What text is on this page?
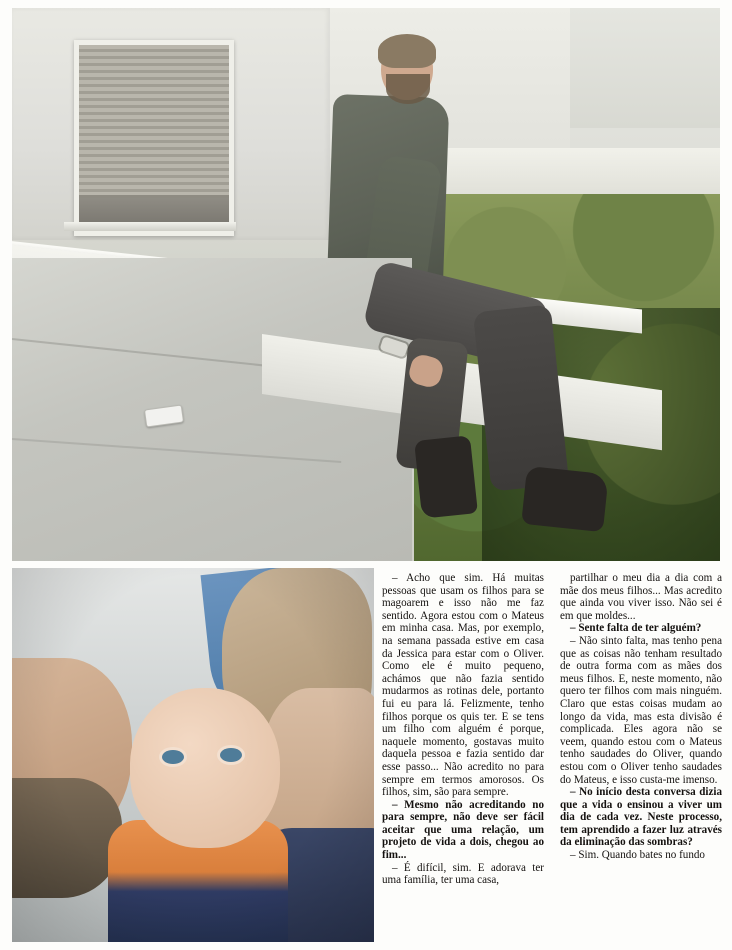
– Acho que sim. Há muitas pessoas que usam os filhos para se magoarem e isso não me faz sentido. Agora estou com o Mateus em minha casa. Mas, por exemplo, na semana passada estive em casa da Jessica para estar com o Oliver. Como ele é muito pequeno, achámos que não fazia sentido mudarmos as rotinas dele, portanto fui eu para lá. Felizmente, tenho filhos porque os quis ter. E se tens um filho com alguém é porque, naquele momento, gostavas muito daquela pessoa e fazia sentido dar esse passo... Não acredito no para sempre em termos amorosos. Os filhos, sim, são para sempre.

– Mesmo não acreditando no para sempre, não deve ser fácil aceitar que uma relação, um projeto de vida a dois, chegou ao fim...

– É difícil, sim. E adorava ter uma família, ter uma casa,

partilhar o meu dia a dia com a mãe dos meus filhos... Mas acredito que ainda vou viver isso. Não sei é em que moldes...

– Sente falta de ter alguém?

– Não sinto falta, mas tenho pena que as coisas não tenham resultado de outra forma com as mães dos meus filhos. E, neste momento, não quero ter filhos com mais ninguém. Claro que estas coisas mudam ao longo da vida, mas esta divisão é complicada. Eles agora não se veem, quando estou com o Mateus tenho saudades do Oliver, quando estou com o Oliver tenho saudades do Mateus, e isso custa-me imenso.

– No início desta conversa dizia que a vida o ensinou a viver um dia de cada vez. Neste processo, tem aprendido a fazer luz através da eliminação das sombras?

– Sim. Quando bates no fundo
